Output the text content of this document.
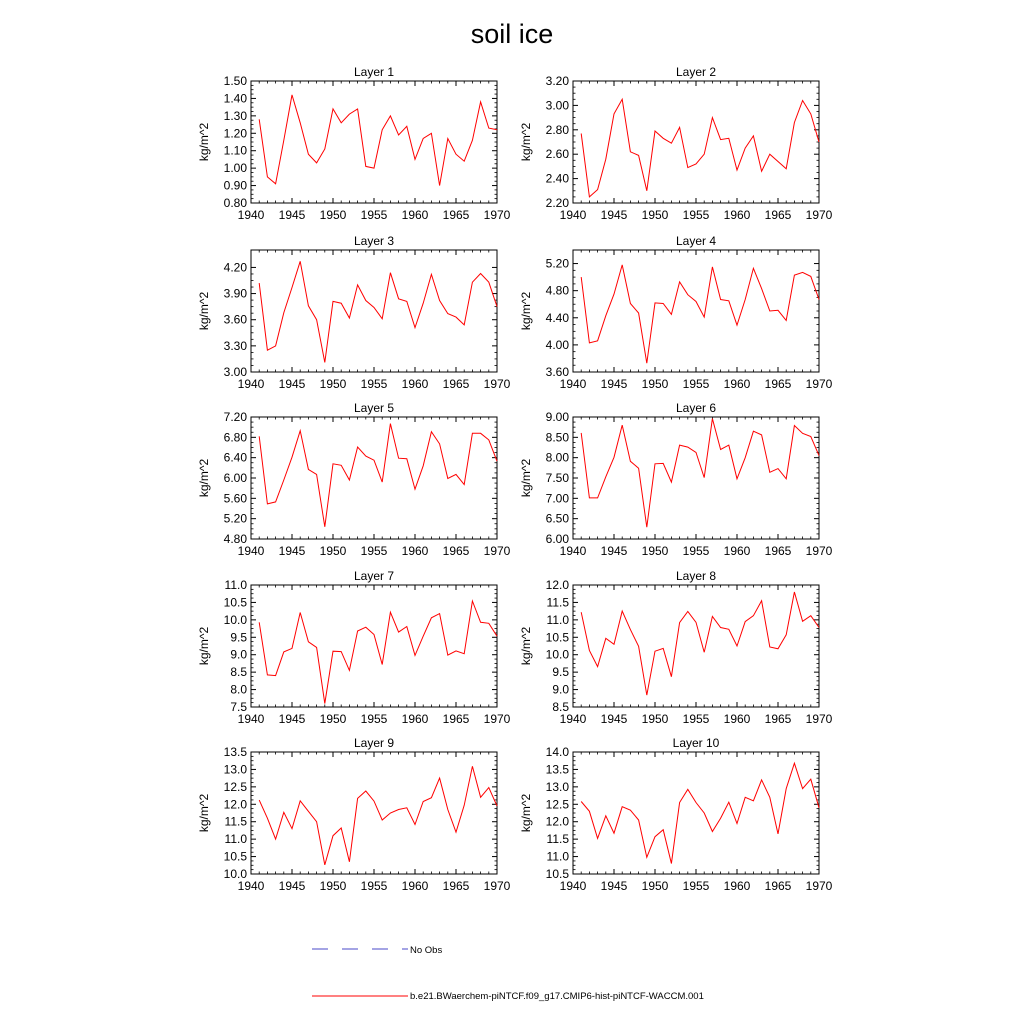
soil ice
Layer 1
1940 1945 1950 1955 1960 1965 1970
0.80
0.90
1.00
1.10
1.20
1.30
1.40
1.50
kg/m^2
Layer 2
1940 1945 1950 1955 1960 1965 1970
2.20
2.40
2.60
2.80
3.00
3.20
kg/m^2
Layer 3
1940 1945 1950 1955 1960 1965 1970
3.00
3.30
3.60
3.90
4.20
kg/m^2
Layer 4
1940 1945 1950 1955 1960 1965 1970
3.60
4.00
4.40
4.80
5.20
kg/m^2
Layer 5
1940 1945 1950 1955 1960 1965 1970
4.80
5.20
5.60
6.00
6.40
6.80
7.20
kg/m^2
Layer 6
1940 1945 1950 1955 1960 1965 1970
6.00
6.50
7.00
7.50
8.00
8.50
9.00
kg/m^2
Layer 7
1940 1945 1950 1955 1960 1965 1970
7.5
8.0
8.5
9.0
9.5
10.0
10.5
11.0
kg/m^2
Layer 8
1940 1945 1950 1955 1960 1965 1970
8.5
9.0
9.5
10.0
10.5
11.0
11.5
12.0
kg/m^2
Layer 9
1940 1945 1950 1955 1960 1965 1970
10.0
10.5
11.0
11.5
12.0
12.5
13.0
13.5
kg/m^2
Layer 10
1940 1945 1950 1955 1960 1965 1970
10.5
11.0
11.5
12.0
12.5
13.0
13.5
14.0
kg/m^2
No Obs
b.e21.BWaerchem-piNTCF.f09_g17.CMIP6-hist-piNTCF-WACCM.001
